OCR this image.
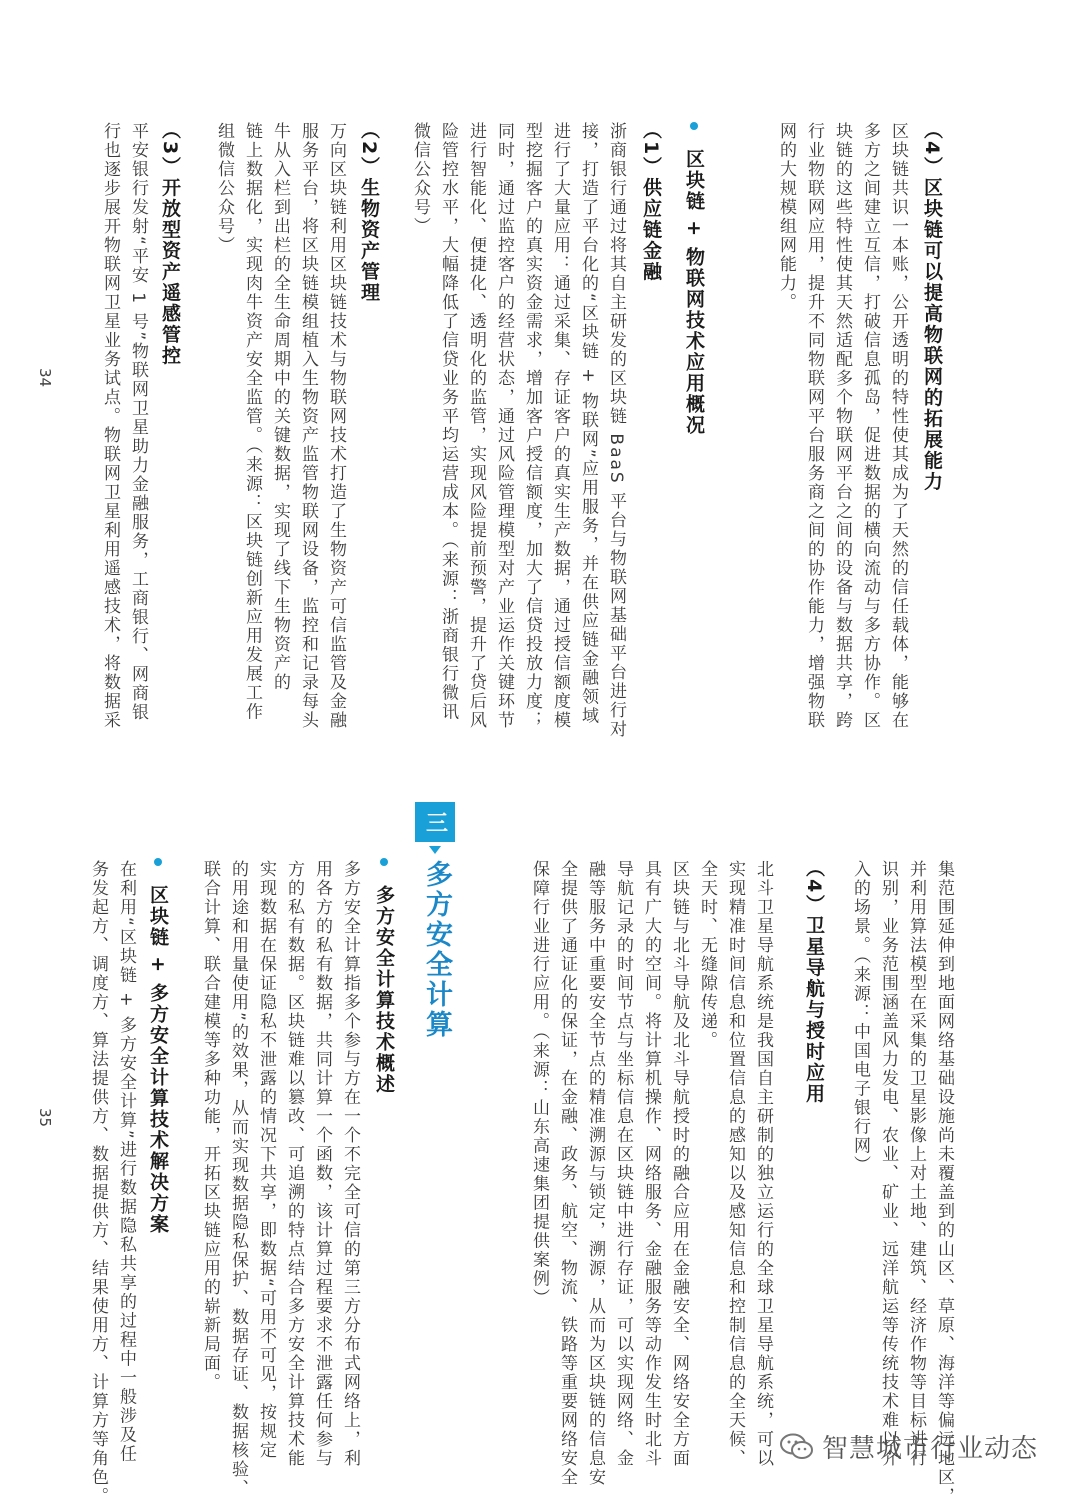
（4）区块链可以提高物联网的拓展能力
区块链共识一本账，公开透明的特性使其成为了天然的信任载体，能够在
多方之间建立互信，打破信息孤岛，促进数据的横向流动与多方协作。区
块链的这些特性使其天然适配多个物联网平台之间的设备与数据共享，跨
行业物联网应用，提升不同物联网平台服务商之间的协作能力，增强物联
网的大规模组网能力。
区块链 + 物联网技术应用概况
（1）供应链金融
浙商银行通过将其自主研发的区块链 BaaS 平台与物联网基础平台进行对
接，打造了平台化的“区块链 + 物联网”应用服务，并在供应链金融领域
进行了大量应用：通过采集、存证客户的真实生产数据，通过授信额度模
型挖掘客户的真实资金需求，增加客户授信额度，加大了信贷投放力度；
同时，通过监控客户的经营状态，通过风险管理模型对产业运作关键环节
进行智能化、便捷化、透明化的监管，实现风险提前预警，提升了贷后风
险管控水平，大幅降低了信贷业务平均运营成本。（来源：浙商银行微讯
微信公众号）
（2）生物资产管理
万向区块链利用区块链技术与物联网技术打造了生物资产可信监管及金融
服务平台，将区块链模组植入生物资产监管物联网设备，监控和记录每头
牛从入栏到出栏的全生命周期中的关键数据，实现了线下生物资产的
链上数据化，实现肉牛资产安全监管。（来源：区块链创新应用发展工作
组微信公众号）
（3）开放型资产遥感管控
平安银行发射“平安 1 号”物联网卫星助力金融服务，工商银行、网商银
行也逐步展开物联网卫星业务试点。物联网卫星利用遥感技术，将数据采
34
集范围延伸到地面网络基础设施尚未覆盖到的山区、草原、海洋等偏远地区，
并利用算法模型在采集的卫星影像上对土地、建筑、经济作物等目标进行
识别，业务范围涵盖风力发电、农业、矿业、远洋航运等传统技术难以介
入的场景。（来源：中国电子银行网）
（4）卫星导航与授时应用
北斗卫星导航系统是我国自主研制的独立运行的全球卫星导航系统，可以
实现精准时间信息和位置信息的感知以及感知信息和控制信息的全天候、
全天时、无缝隙传递。
区块链与北斗导航及北斗导航授时的融合应用在金融安全、网络安全方面
具有广大的空间。将计算机操作、网络服务、金融服务等动作发生时北斗
导航记录的时间节点与坐标信息在区块链中进行存证，可以实现网络、金
融等服务中重要安全节点的精准溯源与锁定，溯源，从而为区块链的信息安
全提供了通证化的保证，在金融、政务、航空、物流、铁路等重要网络安全
保障行业进行应用。（来源：山东高速集团提供案例）
三
多方安全计算
多方安全计算技术概述
多方安全计算指多个参与方在一个不完全可信的第三方分布式网络上，利
用各方的私有数据，共同计算一个函数，该计算过程要求不泄露任何参与
方的私有数据。区块链难以篡改、可追溯的特点结合多方安全计算技术能
实现数据在保证隐私不泄露的情况下共享，即数据“可用不可见，按规定
的用途和用量使用”的效果，从而实现数据隐私保护、数据存证、数据核验、
联合计算、联合建模等多种功能，开拓区块链应用的崭新局面。
区块链 + 多方安全计算技术解决方案
在利用“区块链 + 多方安全计算”进行数据隐私共享的过程中一般涉及任
务发起方、调度方、算法提供方、数据提供方、结果使用方、计算方等角色。
35
智慧城市行业动态
